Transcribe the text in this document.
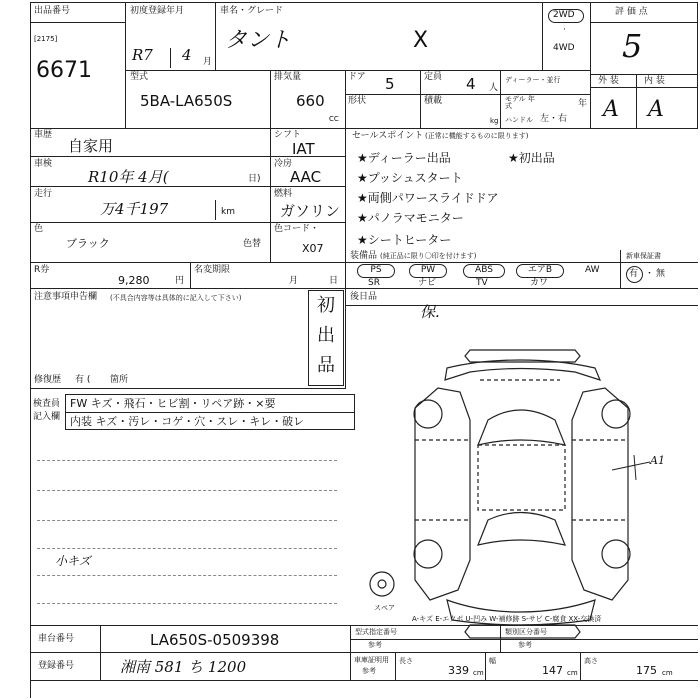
出品番号
[2175]
6671
初度登録年月
R7 4 月
車名・グレード
タント	X
2WD
·
4WD
評 価 点
5
外 装	内 装
A A
型式
5BA-LA650S
排気量
660
CC
ドア 5	定員 4 人
ディーラー・並行
形状	積載
kg
モデル 年式	年
ハンドル 左・右
車歴
自家用
シフト
IAT
車検
R10年 4月(	日)
冷房
AAC
走行
万4千197	km
燃料
ガソリン
色
ブラック	色替
色コード・
X07
R券
9,280	円
名変期限
月	日
セールスポイント (正常に機能するものに限ります)
★ディーラー出品	★初出品
★プッシュスタート
★両側パワースライドドア
★パノラマモニター
★シートヒーター
装備品 (純正品に限り〇印を付けます)
PS	PW	ABS	エアB	AW
SR	ナビ	TV	カワ
新車保証書
有 ・ 無
注意事項申告欄 (不具合内容等は具体的に記入して下さい)	初
出
品
修復歴 有 ( 箇所
後日品
保.
検査員
記入欄
FW キズ・飛石・ヒビ割・リペア跡・×要
内装 キズ・汚レ・コゲ・穴・スレ・キレ・破レ
小キズ
スペア
A1
A-キズ E-エクボ U-凹み W-補修跡 S-サビ C-腐食 XX-交換済
車台番号	LA650S-0509398
登録番号	湘南 581 ち 1200
型式指定番号
参考
類別区分番号
参考
車庫証明用
参考
長さ
339 cm
幅
147 cm
高さ
175 cm
